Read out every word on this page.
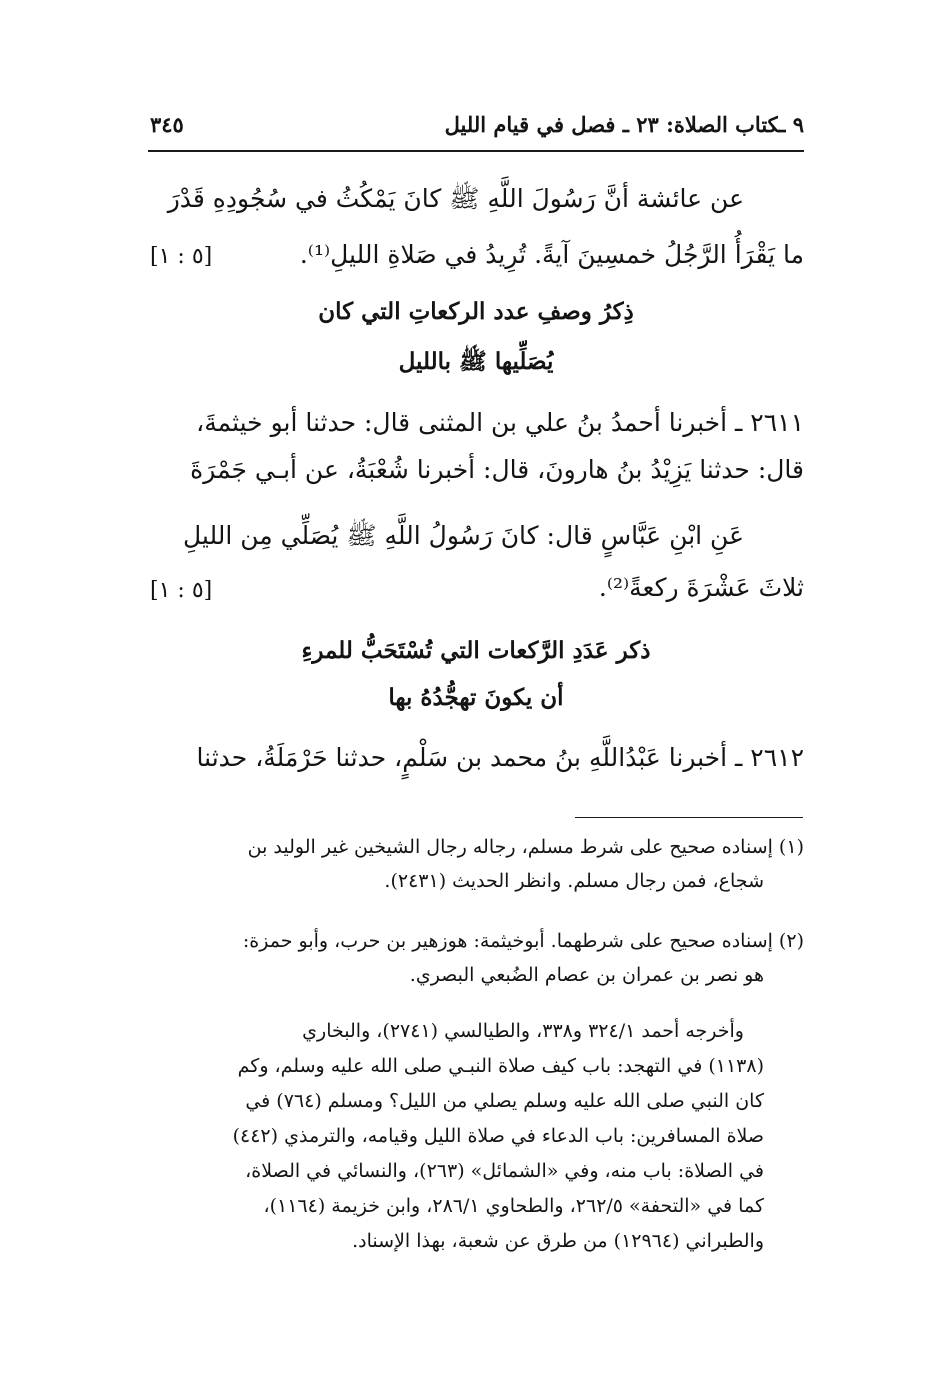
٣٤٥	٩ ـكتاب الصلاة: ٢٣ ـ فصل في قيام الليل
عن عائشة أنَّ رَسُولَ اللَّهِ ﷺ كانَ يَمْكُثُ في سُجُودِهِ قَدْرَ
ما يَقْرَأُ الرَّجُلُ خمسِينَ آيةً. تُرِيدُ في صَلاةِ الليلِ⁽¹⁾.
[٥ : ١]
ذِكرُ وصفِ عدد الركعاتِ التي كان
يُصَلِّيها ﷺ بالليل
٢٦١١ ـ أخبرنا أحمدُ بنُ علي بن المثنى قال: حدثنا أبو خيثمةَ،
قال: حدثنا يَزِيْدُ بنُ هارونَ، قال: أخبرنا شُعْبَةُ، عن أبـي جَمْرَةَ
عَنِ ابْنِ عَبَّاسٍ قال: كانَ رَسُولُ اللَّهِ ﷺ يُصَلِّي مِن الليلِ
ثلاثَ عَشْرَةَ ركعةً⁽²⁾.
[٥ : ١]
ذكر عَدَدِ الرَّكعات التي تُسْتَحَبُّ للمرءِ
أن يكونَ تهجُّدُهُ بها
٢٦١٢ ـ أخبرنا عَبْدُاللَّهِ بنُ محمد بن سَلْمٍ، حدثنا حَرْمَلَةُ، حدثنا
(١) إسناده صحيح على شرط مسلم، رجاله رجال الشيخين غير الوليد بن
شجاع، فمن رجال مسلم. وانظر الحديث (٢٤٣١).
(٢) إسناده صحيح على شرطهما. أبوخيثمة: هوزهير بن حرب، وأبو حمزة:
هو نصر بن عمران بن عصام الضُبعي البصري.
وأخرجه أحمد ٣٢٤/١ و٣٣٨، والطيالسي (٢٧٤١)، والبخاري
(١١٣٨) في التهجد: باب كيف صلاة النبـي صلى الله عليه وسلم، وكم
كان النبي صلى الله عليه وسلم يصلي من الليل؟ ومسلم (٧٦٤) في
صلاة المسافرين: باب الدعاء في صلاة الليل وقيامه، والترمذي (٤٤٢)
في الصلاة: باب منه، وفي «الشمائل» (٢٦٣)، والنسائي في الصلاة،
كما في «التحفة» ٢٦٢/٥، والطحاوي ٢٨٦/١، وابن خزيمة (١١٦٤)،
والطبراني (١٢٩٦٤) من طرق عن شعبة، بهذا الإسناد.
